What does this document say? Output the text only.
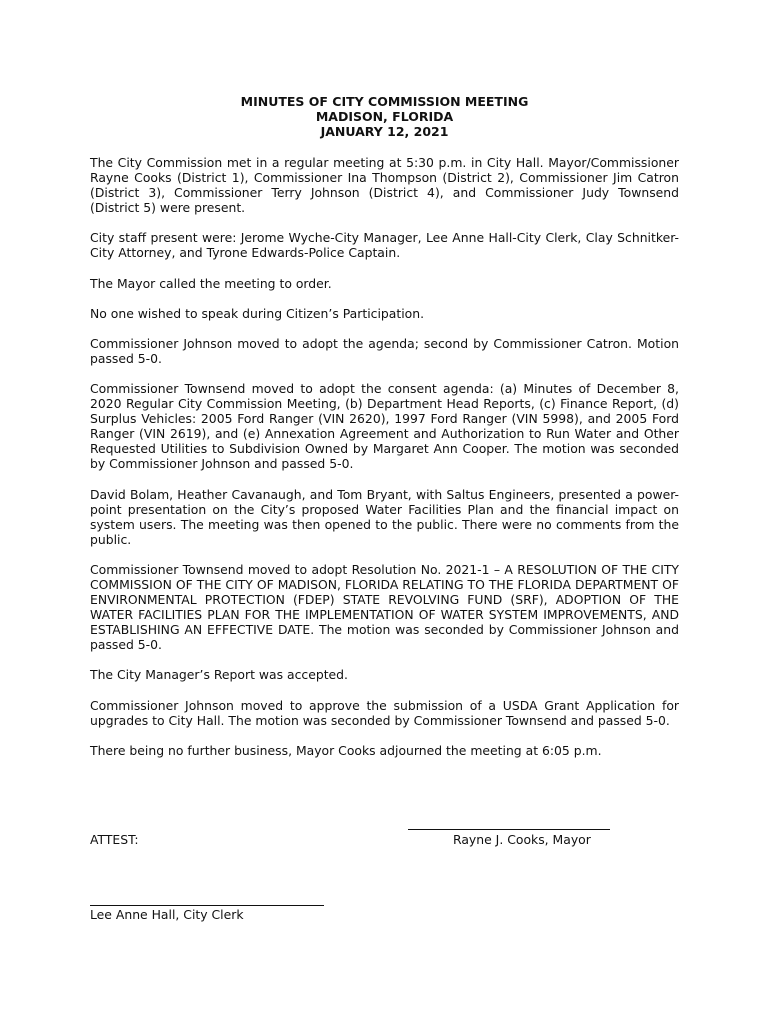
MINUTES OF CITY COMMISSION MEETING
MADISON, FLORIDA
JANUARY 12, 2021

The City Commission met in a regular meeting at 5:30 p.m. in City Hall. Mayor/Commissioner Rayne Cooks (District 1), Commissioner Ina Thompson (District 2), Commissioner Jim Catron (District 3), Commissioner Terry Johnson (District 4), and Commissioner Judy Townsend (District 5) were present.

City staff present were: Jerome Wyche-City Manager, Lee Anne Hall-City Clerk, Clay Schnitker-City Attorney, and Tyrone Edwards-Police Captain.

The Mayor called the meeting to order.

No one wished to speak during Citizen’s Participation.

Commissioner Johnson moved to adopt the agenda; second by Commissioner Catron. Motion passed 5-0.

Commissioner Townsend moved to adopt the consent agenda: (a) Minutes of December 8, 2020 Regular City Commission Meeting, (b) Department Head Reports, (c) Finance Report, (d) Surplus Vehicles: 2005 Ford Ranger (VIN 2620), 1997 Ford Ranger (VIN 5998), and 2005 Ford Ranger (VIN 2619), and (e) Annexation Agreement and Authorization to Run Water and Other Requested Utilities to Subdivision Owned by Margaret Ann Cooper. The motion was seconded by Commissioner Johnson and passed 5-0.

David Bolam, Heather Cavanaugh, and Tom Bryant, with Saltus Engineers, presented a power-point presentation on the City’s proposed Water Facilities Plan and the financial impact on system users. The meeting was then opened to the public. There were no comments from the public.

Commissioner Townsend moved to adopt Resolution No. 2021-1 – A RESOLUTION OF THE CITY COMMISSION OF THE CITY OF MADISON, FLORIDA RELATING TO THE FLORIDA DEPARTMENT OF ENVIRONMENTAL PROTECTION (FDEP) STATE REVOLVING FUND (SRF), ADOPTION OF THE WATER FACILITIES PLAN FOR THE IMPLEMENTATION OF WATER SYSTEM IMPROVEMENTS, AND ESTABLISHING AN EFFECTIVE DATE. The motion was seconded by Commissioner Johnson and passed 5-0.

The City Manager’s Report was accepted.

Commissioner Johnson moved to approve the submission of a USDA Grant Application for upgrades to City Hall. The motion was seconded by Commissioner Townsend and passed 5-0.

There being no further business, Mayor Cooks adjourned the meeting at 6:05 p.m.

ATTEST:	Rayne J. Cooks, Mayor
Lee Anne Hall, City Clerk
